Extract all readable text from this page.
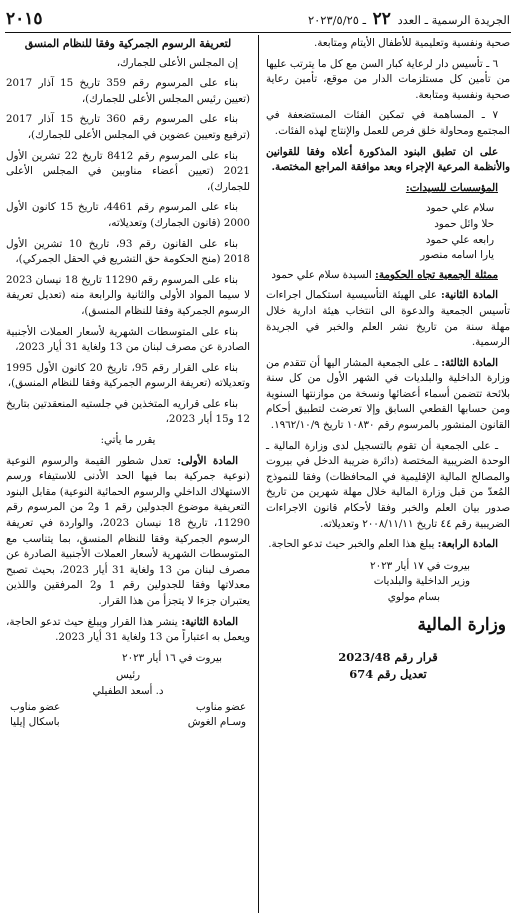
الجريدة الرسمية ـ العدد ٢٢ ـ ٢٠٢٣/٥/٢٥
٢٠١٥

صحية ونفسية وتعليمية للأطفال الأيتام ومتابعة.

٦ ـ تأسيس دار لرعاية كبار السن مع كل ما يترتب عليها من تأمين كل مستلزمات الدار من موقع، تأمين رعاية صحية ونفسية ومتابعة.

٧ ـ المساهمة في تمكين الفئات المستضعفة في المجتمع ومحاولة خلق فرص للعمل والإنتاج لهذه الفئات.

على ان تطبق البنود المذكورة أعلاه وفقا للقوانين والأنظمة المرعية الإجراء وبعد موافقة المراجع المختصة.

المؤسسات للسيدات:

سلام علي حمود
حلا وائل حمود
رابعه علي حمود
يارا اسامه منصور

ممثلة الجمعية تجاه الحكومة: السيدة سلام علي حمود

المادة الثانية: على الهيئة التأسيسية استكمال اجراءات تأسيس الجمعية والدعوة الى انتخاب هيئة ادارية خلال مهلة سنة من تاريخ نشر العلم والخبر في الجريدة الرسمية.

المادة الثالثة: ـ على الجمعية المشار اليها أن تتقدم من وزارة الداخلية والبلديات في الشهر الأول من كل سنة بلائحة تتضمن أسماء أعضائها ونسخة من موازنتها السنوية ومن حسابها القطعي السابق وإلا تعرضت لتطبيق أحكام القانون المنشور بالمرسوم رقم ١٠٨٣٠ تاريخ ١٩٦٢/١٠/٩.

ـ على الجمعية أن تقوم بالتسجيل لدى وزارة المالية ـ الوحدة الضريبية المختصة (دائرة ضريبة الدخل في بيروت والمصالح المالية الإقليمية في المحافظات) وفقا للنموذج المُعدّ من قبل وزارة المالية خلال مهلة شهرين من تاريخ صدور بيان العلم والخبر وفقا لأحكام قانون الاجراءات الضريبية رقم ٤٤ تاريخ ٢٠٠٨/١١/١١ وتعديلاته.

المادة الرابعة: يبلغ هذا العلم والخبر حيث تدعو الحاجة.

بيروت في ١٧ أيار ٢٠٢٣
وزير الداخلية والبلديات
بسام مولوي
وزارة المالية
قرار رقم 2023/48
تعديل رقم 674
لتعريفة الرسوم الجمركية وفقا للنظام المنسق

إن المجلس الأعلى للجمارك،

بناء على المرسوم رقم 359 تاريخ 15 آذار 2017 (تعيين رئيس المجلس الأعلى للجمارك)،

بناء على المرسوم رقم 360 تاريخ 15 آذار 2017 (ترفيع وتعيين عضوين في المجلس الأعلى للجمارك)،

بناء على المرسوم رقم 8412 تاريخ 22 تشرين الأول 2021 (تعيين أعضاء مناوبين في المجلس الأعلى للجمارك)،

بناء على المرسوم رقم 4461، تاريخ 15 كانون الأول 2000 (قانون الجمارك) وتعديلاته،

بناء على القانون رقم 93، تاريخ 10 تشرين الأول 2018 (منح الحكومة حق التشريع في الحقل الجمركي)،

بناء على المرسوم رقم 11290 تاريخ 18 نيسان 2023 لا سيما المواد الأولى والثانية والرابعة منه (تعديل تعريفة الرسوم الجمركية وفقا للنظام المنسق)،

بناء على المتوسطات الشهرية لأسعار العملات الأجنبية الصادرة عن مصرف لبنان من 13 ولغاية 31 أيار 2023،

بناء على القرار رقم 95، تاريخ 20 كانون الأول 1995 وتعديلاته (تعريفة الرسوم الجمركية وفقا للنظام المنسق)،

بناء على قراريه المتخذين في جلستيه المنعقدتين بتاريخ 12 و15 أيار 2023،

يقرر ما يأتي:

المادة الأولى: تعدل شطور القيمة والرسوم النوعية (نوعية جمركية بما فيها الحد الأدنى للاستيفاء ورسم الاستهلاك الداخلي والرسوم الحمائية النوعية) مقابل البنود التعريفية موضوع الجدولين رقم 1 و2 من المرسوم رقم 11290، تاريخ 18 نيسان 2023، والواردة في تعريفة الرسوم الجمركية وفقا للنظام المنسق، بما يتناسب مع المتوسطات الشهرية لأسعار العملات الأجنبية الصادرة عن مصرف لبنان من 13 ولغاية 31 أيار 2023، بحيث تصبح معدلاتها وفقا للجدولين رقم 1 و2 المرفقين واللذين يعتبران جزءا لا يتجزأ من هذا القرار.

المادة الثانية: ينشر هذا القرار ويبلغ حيث تدعو الحاجة، ويعمل به اعتباراً من 13 ولغاية 31 أيار 2023.

بيروت في ١٦ أيار ٢٠٢٣
رئيس
د. أسعد الطفيلي
عضو مناوب
عضو مناوب
وسـام الغوش
باسكال إيليا
